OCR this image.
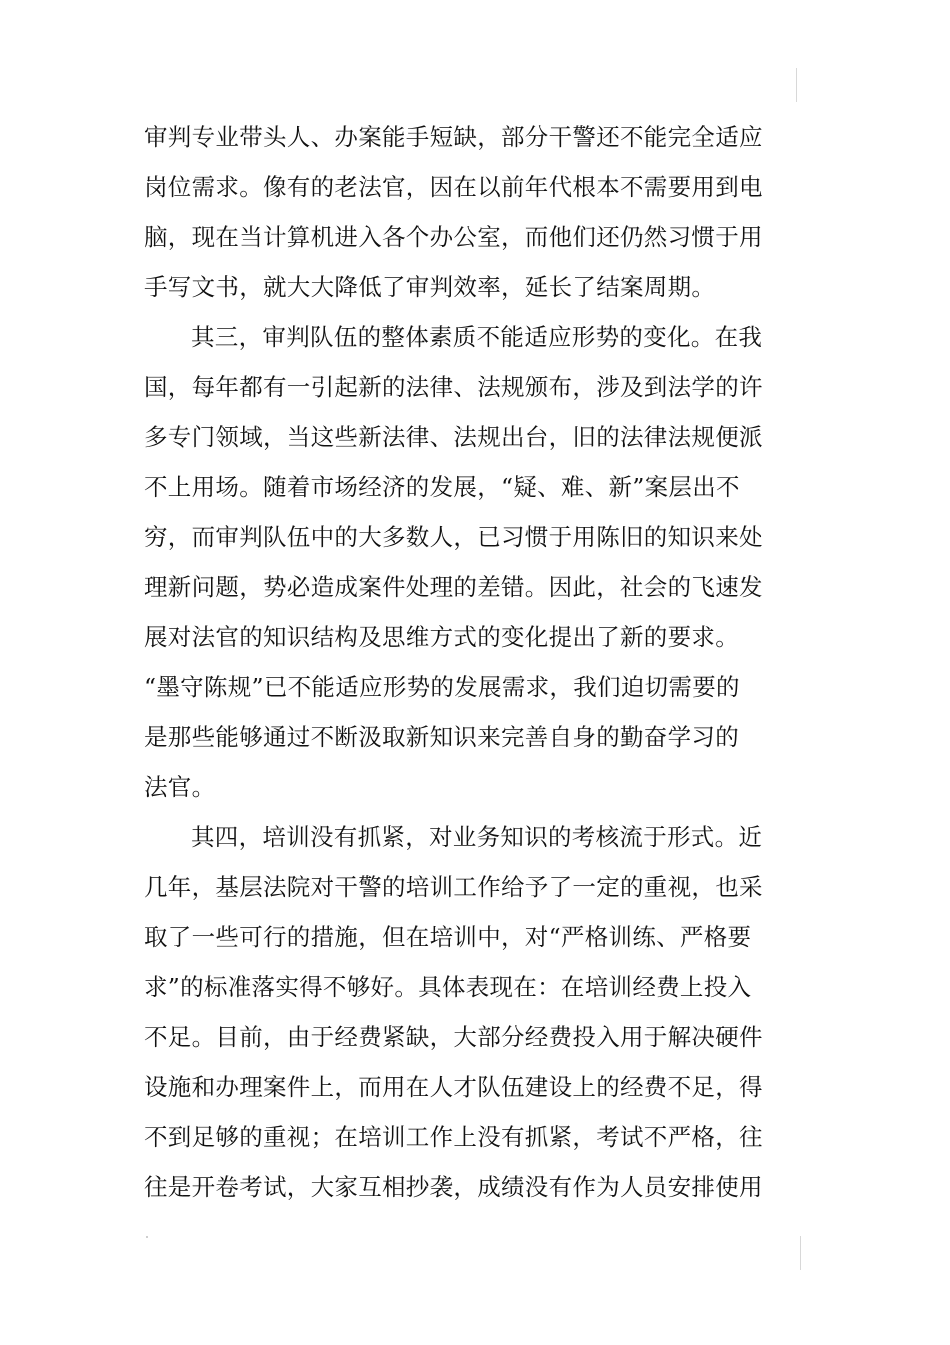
审判专业带头人、办案能手短缺，部分干警还不能完全适应
岗位需求。像有的老法官，因在以前年代根本不需要用到电
脑，现在当计算机进入各个办公室，而他们还仍然习惯于用
手写文书，就大大降低了审判效率，延长了结案周期。
其三，审判队伍的整体素质不能适应形势的变化。在我
国，每年都有一引起新的法律、法规颁布，涉及到法学的许
多专门领域，当这些新法律、法规出台，旧的法律法规便派
不上用场。随着市场经济的发展，“疑、难、新”案层出不
穷，而审判队伍中的大多数人，已习惯于用陈旧的知识来处
理新问题，势必造成案件处理的差错。因此，社会的飞速发
展对法官的知识结构及思维方式的变化提出了新的要求。
“墨守陈规”已不能适应形势的发展需求，我们迫切需要的
是那些能够通过不断汲取新知识来完善自身的勤奋学习的
法官。
其四，培训没有抓紧，对业务知识的考核流于形式。近
几年，基层法院对干警的培训工作给予了一定的重视，也采
取了一些可行的措施，但在培训中，对“严格训练、严格要
求”的标准落实得不够好。具体表现在：在培训经费上投入
不足。目前，由于经费紧缺，大部分经费投入用于解决硬件
设施和办理案件上，而用在人才队伍建设上的经费不足，得
不到足够的重视；在培训工作上没有抓紧，考试不严格，往
往是开卷考试，大家互相抄袭，成绩没有作为人员安排使用
